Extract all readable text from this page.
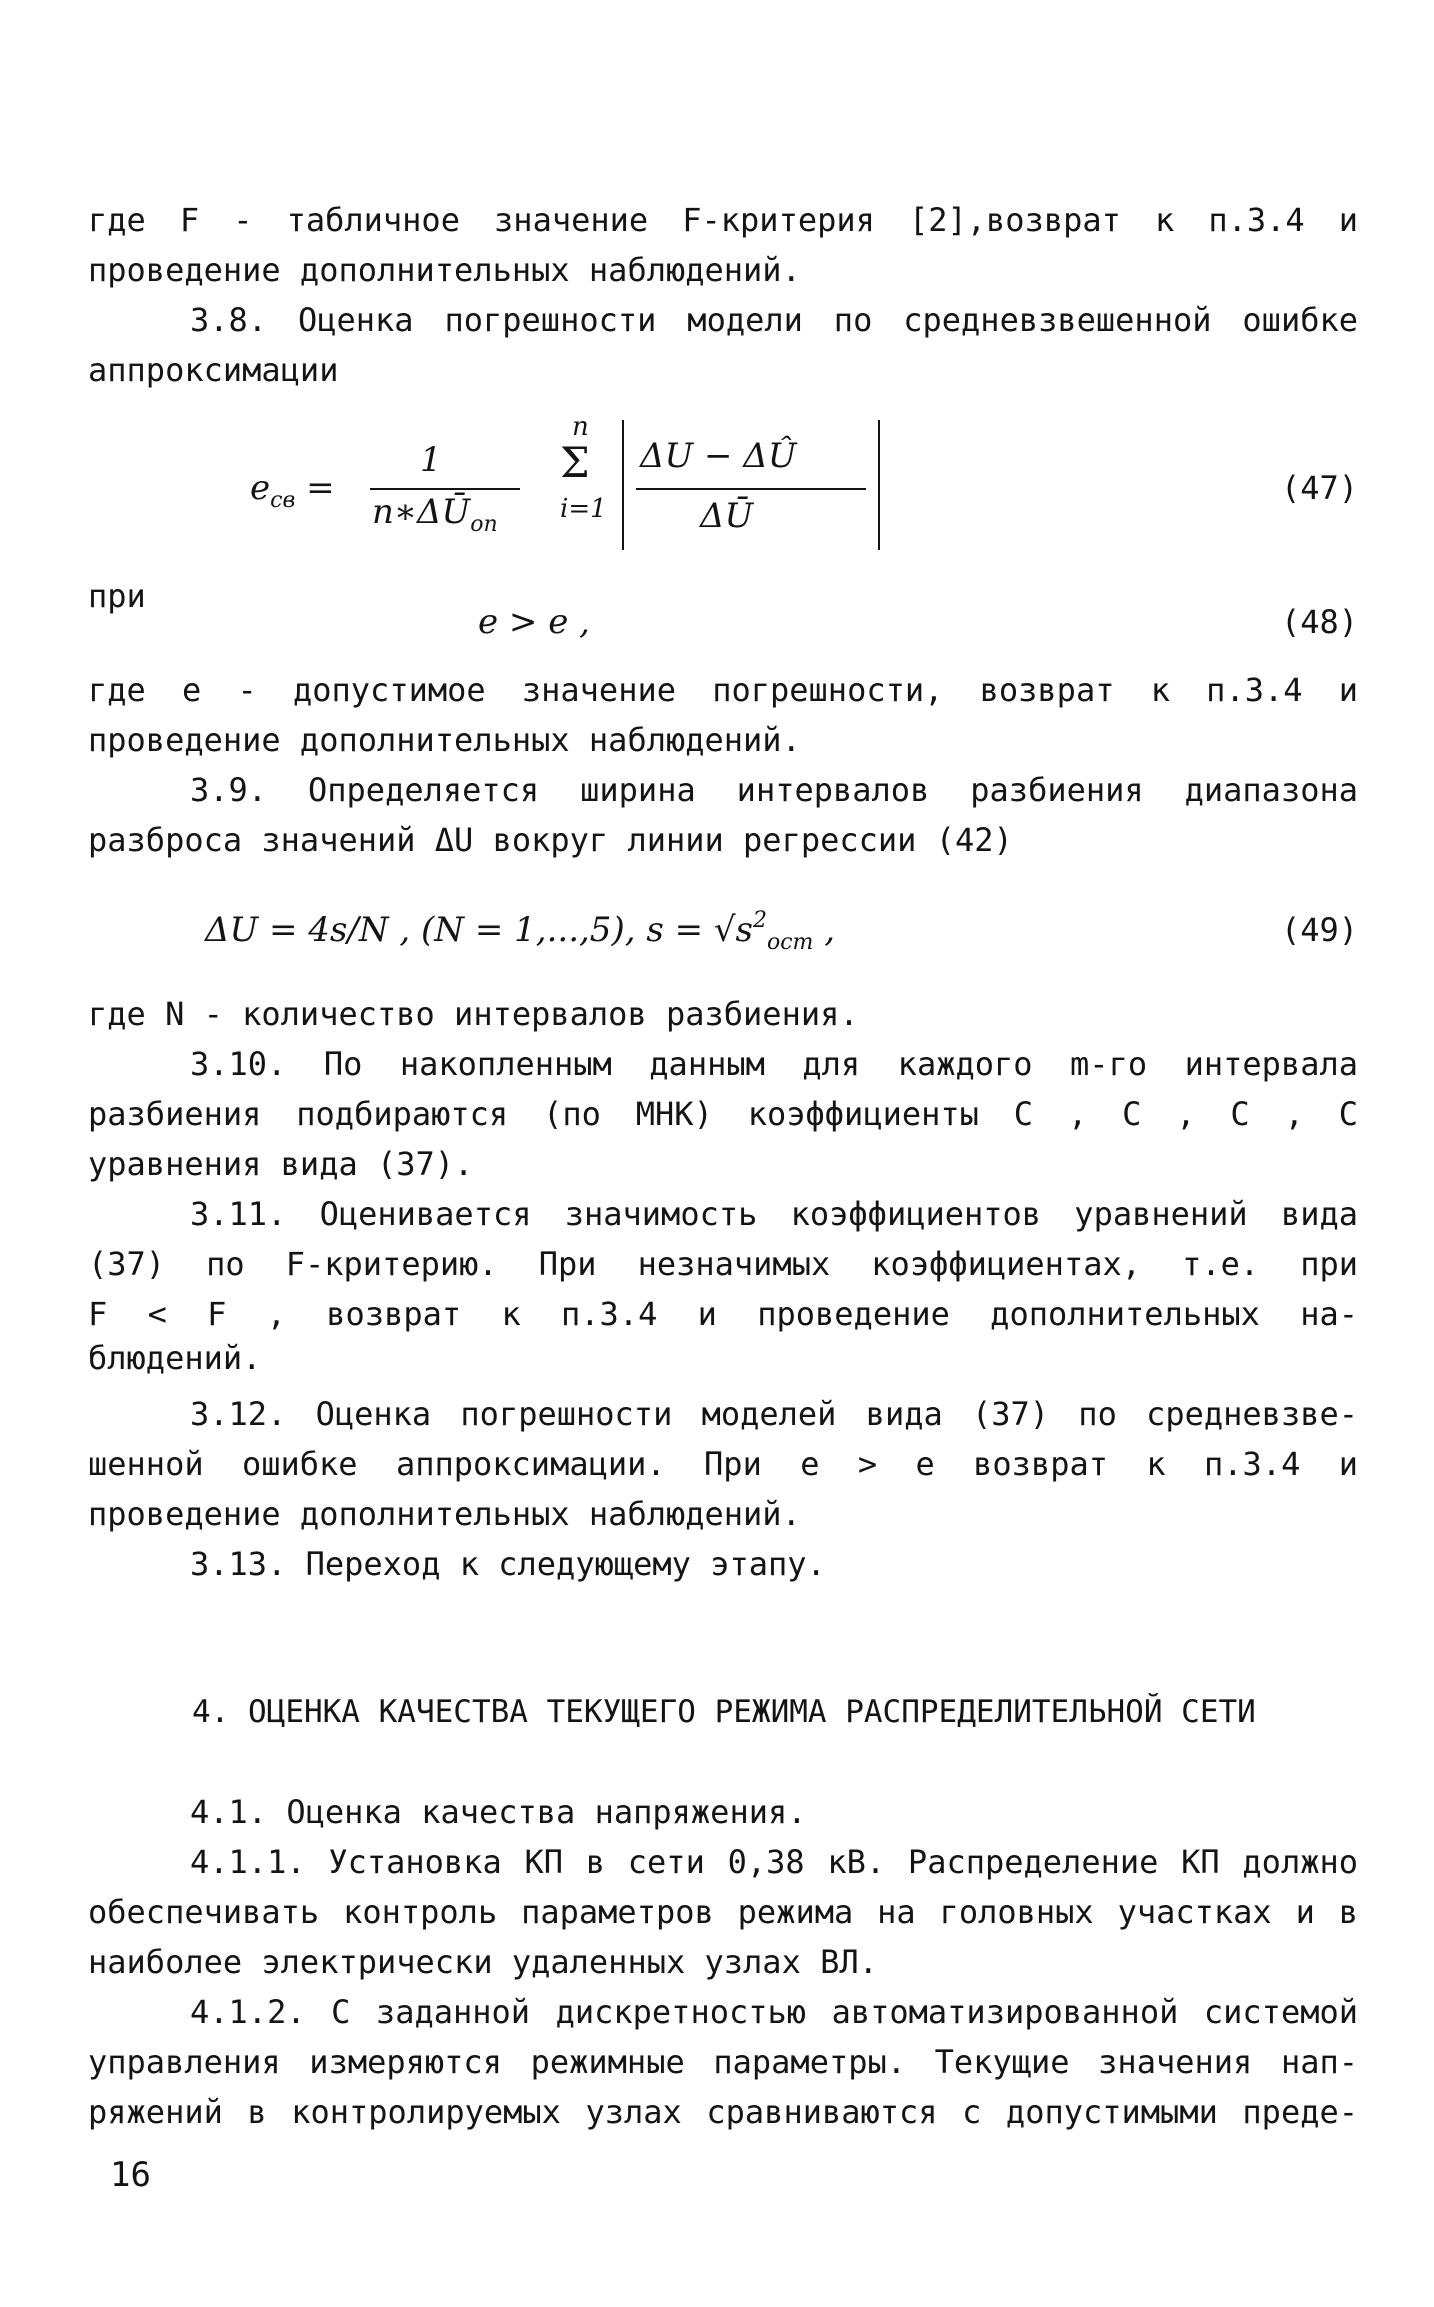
где F - табличное значение F-критерия [2],возврат к п.3.4 и
проведение дополнительных наблюдений.
3.8. Оценка погрешности модели по средневзвешенной ошибке
аппроксимации
$e_{св}$ =
1
$n∗\Delta Ū_{оп}$
n
Σ
i=1
ΔU − ΔÛ
ΔŪ
(47)
при
e > e ,	(48)
где e - допустимое значение погрешности, возврат к п.3.4 и
проведение дополнительных наблюдений.
3.9. Определяется ширина интервалов разбиения диапазона
разброса значений ΔU вокруг линии регрессии (42)
ΔU = 4s/N , (N = 1,...,5), $s = √s^2_{ост}$ ,	(49)
где N - количество интервалов разбиения.
3.10. По накопленным данным для каждого m-го интервала
разбиения подбираются (по МНК) коэффициенты C , C , C , C
уравнения вида (37).
3.11. Оценивается значимость коэффициентов уравнений вида
(37) по F-критерию. При незначимых коэффициентах, т.е. при
F < F , возврат к п.3.4 и проведение дополнительных на-
блюдений.
3.12. Оценка погрешности моделей вида (37) по средневзве-
шенной ошибке аппроксимации. При e > e возврат к п.3.4 и
проведение дополнительных наблюдений.
3.13. Переход к следующему этапу.
4. ОЦЕНКА КАЧЕСТВА ТЕКУЩЕГО РЕЖИМА РАСПРЕДЕЛИТЕЛЬНОЙ СЕТИ
4.1. Оценка качества напряжения.
4.1.1. Установка КП в сети 0,38 кВ. Распределение КП должно
обеспечивать контроль параметров режима на головных участках и в
наиболее электрически удаленных узлах ВЛ.
4.1.2. С заданной дискретностью автоматизированной системой
управления измеряются режимные параметры. Текущие значения нап-
ряжений в контролируемых узлах сравниваются с допустимыми преде-
16
